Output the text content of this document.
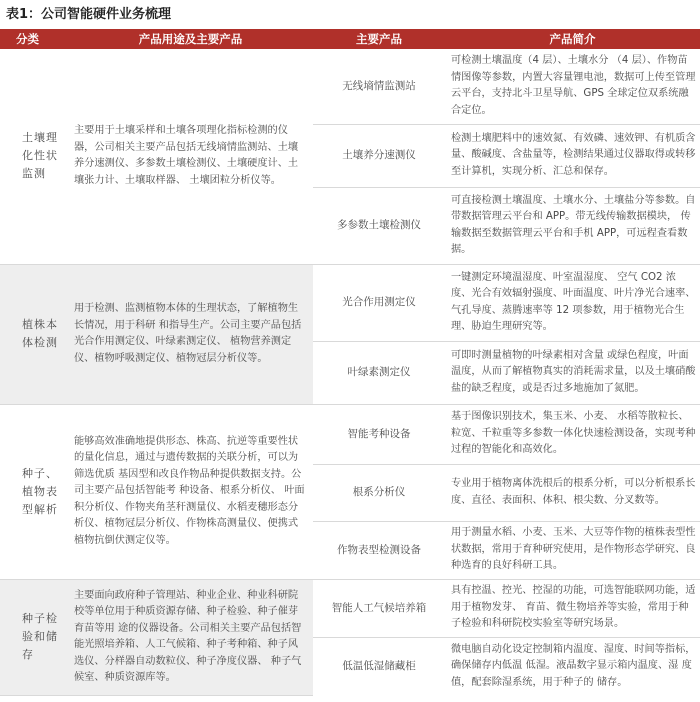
表1：公司智能硬件业务梳理
分类	产品用途及主要产品	主要产品	产品简介
土壤理化性状监测	主要用于土壤采样和土壤各项理化指标检测的仪器，公司相关主要产品包括无线墒情监测站、土壤养分速测仪、多参数土壤检测仪、土壤硬度计、土壤张力计、土壤取样器、 土壤团粒分析仪等。	无线墒情监测站	可检测土壤温度（4 层）、土壤水分 （4 层）、作物苗情图像等参数，内置大容量锂电池，数据可上传至管理云平台，支持北斗卫星导航、GPS 全球定位双系统融合定位。
		土壤养分速测仪	检测土壤肥料中的速效氮、有效磷、速效钾、有机质含量、酸碱度、含盐量等，检测结果通过仪器取得或转移至计算机，实现分析、汇总和保存。
		多参数土壤检测仪	可直接检测土壤温度、土壤水分、土壤盐分等参数。自带数据管理云平台和 APP。带无线传输数据模块， 传输数据至数据管理云平台和手机 APP，可远程查看数据。
植株本体检测	用于检测、监测植物本体的生理状态，了解植物生长情况，用于科研 和指导生产。公司主要产品包括光合作用测定仪、叶绿素测定仪、 植物营养测定仪、植物呼吸测定仪、植物冠层分析仪等。	光合作用测定仪	一键测定环境温湿度、叶室温湿度、 空气 CO2 浓度、光合有效辐射强度、叶面温度、叶片净光合速率、气孔导度、蒸腾速率等 12 项参数，用于植物光合生理、胁迫生理研究等。
		叶绿素测定仪	可即时测量植物的叶绿素相对含量 或绿色程度，叶面温度，从而了解植物真实的消耗需求量，以及土壤硝酸盐的缺乏程度，或是否过多地施加了氮肥。
种子、植物表型解析	能够高效准确地提供形态、株高、抗逆等重要性状的量化信息，通过与遗传数据的关联分析，可以为筛选优质 基因型和改良作物品种提供数据支持。公司主要产品包括智能考 种设备、根系分析仪、 叶面积分析仪、作物夹角茎秆测量仪、水稻麦穗形态分析仪、植物冠层分析仪、作物株高测量仪、便携式植物抗倒伏测定仪等。	智能考种设备	基于图像识别技术，集玉米、小麦、 水稻等散粒长、粒宽、千粒重等多参数一体化快速检测设备，实现考种过程的智能化和高效化。
		根系分析仪	专业用于植物离体洗根后的根系分析，可以分析根系长度、直径、表面积、体积、根尖数、分叉数等。
		作物表型检测设备	用于测量水稻、小麦、玉米、大豆等作物的植株表型性状数据，常用于育种研究使用，是作物形态学研究、良种选育的良好科研工具。
种子检验和储存	主要面向政府种子管理站、种业企业、种业科研院校等单位用于种质资源存储、种子检验、种子催芽育苗等用 途的仪器设备。公司相关主要产品包括智能光照培养箱、人工气候箱、种子考种箱、种子风选仪、分样器自动数粒仪、种子净度仪器、 种子气候室、种质资源库等。	智能人工气候培养箱	具有控温、控光、控湿的功能，可选智能联网功能，适用于植物发芽、 育苗、微生物培养等实验，常用于种子检验和科研院校实验室等研究场景。
		低温低湿储藏柜	微电脑自动化设定控制箱内温度、湿度、时间等指标，确保储存内低温 低湿。液晶数字显示箱内温度、湿 度值，配套除湿系统，用于种子的 储存。
